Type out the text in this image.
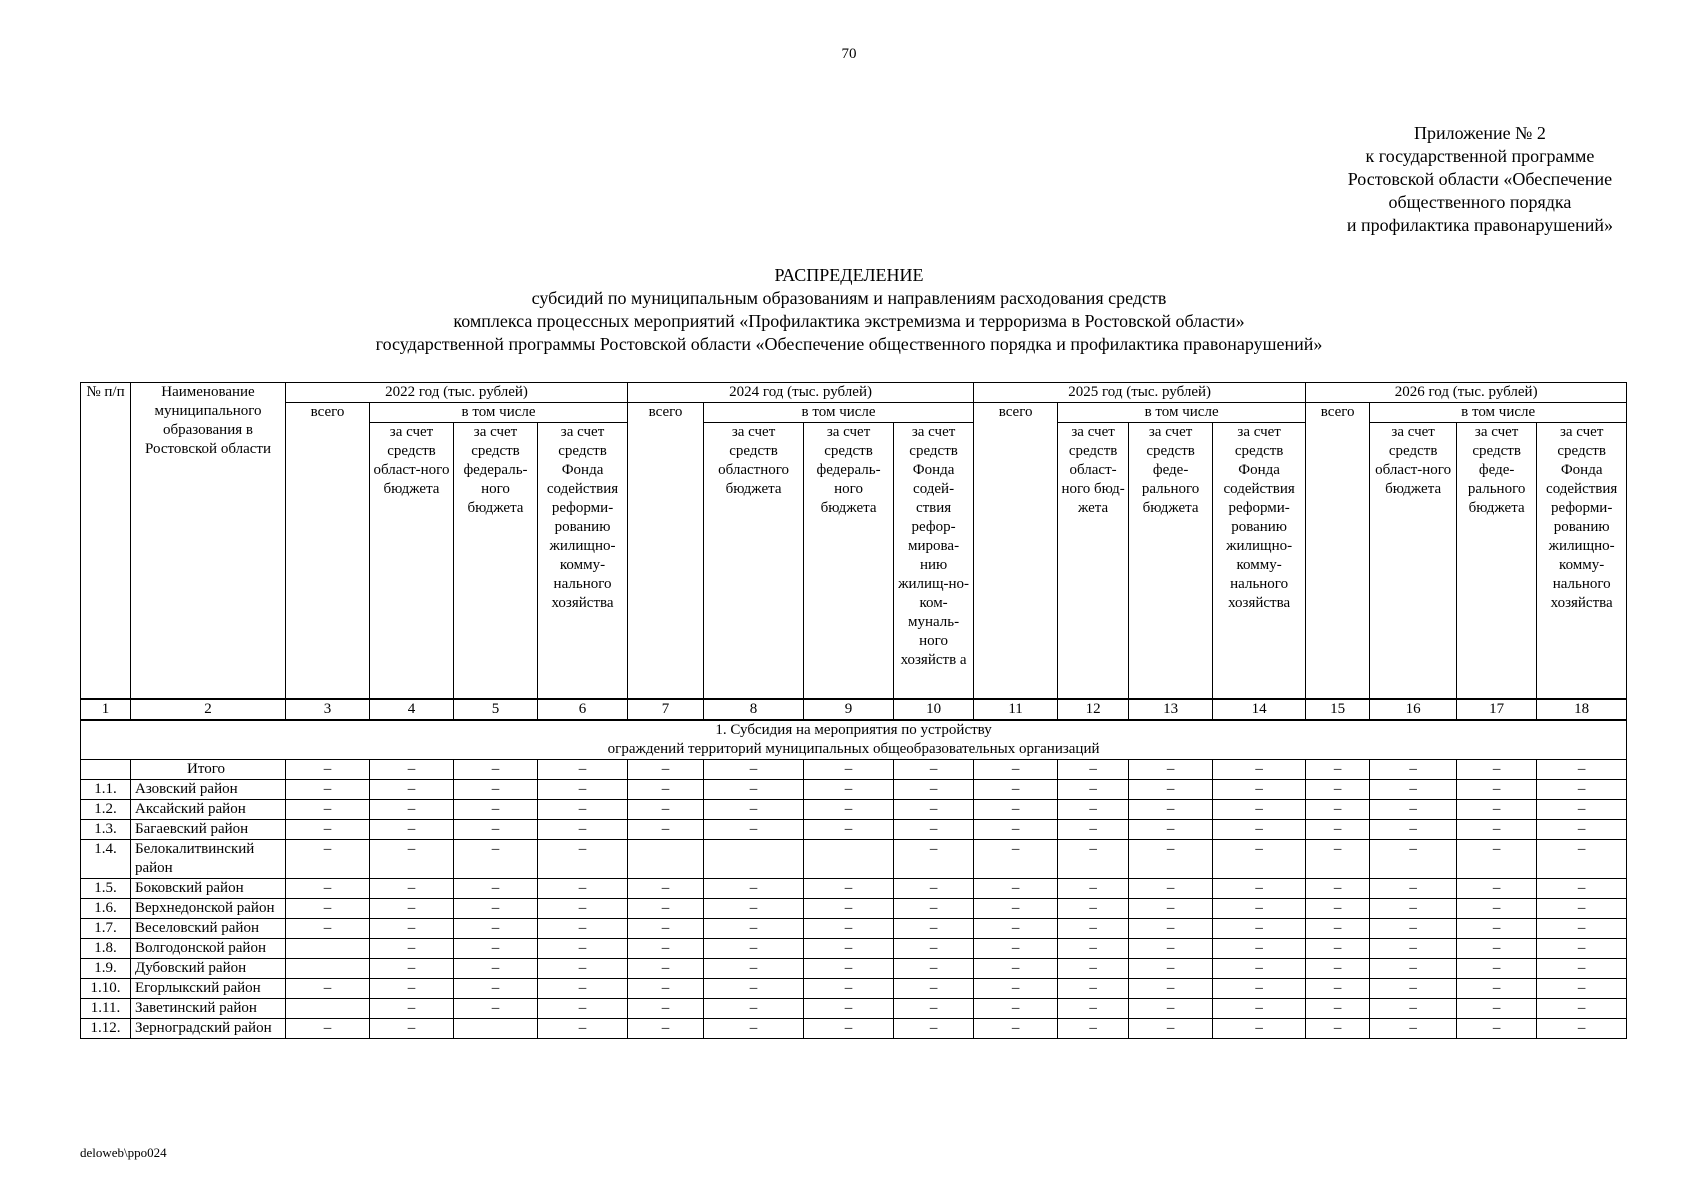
70
Приложение № 2
к государственной программе
Ростовской области «Обеспечение
общественного порядка
и профилактика правонарушений»
РАСПРЕДЕЛЕНИЕ
субсидий по муниципальным образованиям и направлениям расходования средств
комплекса процессных мероприятий «Профилактика экстремизма и терроризма в Ростовской области»
государственной программы Ростовской области «Обеспечение общественного порядка и профилактика правонарушений»
№ п/п	Наименование муниципального образования в Ростовской области	2022 год (тыс. рублей)				2024 год (тыс. рублей)				2025 год (тыс. рублей)				2026 год (тыс. рублей)			
		всего	в том числе			всего	в том числе			всего	в том числе			всего	в том числе		
			за счет средств област-ного бюджета	за счет средств федераль-ного бюджета	за счет средств Фонда содействия реформи-рованию жилищно-комму-нального хозяйства		за счет средств областного бюджета	за счет средств федераль-ного бюджета	за счет средств Фонда содей-ствия рефор-мирова-нию жилищ-но-ком-муналь-ного хозяйств а		за счет средств област-ного бюд-жета	за счет средств феде-рального бюджета	за счет средств Фонда содействия реформи-рованию жилищно-комму-нального хозяйства		за счет средств област-ного бюджета	за счет средств феде-рального бюджета	за счет средств Фонда содействия реформи-рованию жилищно-комму-нального хозяйства
1	2	3	4	5	6	7	8	9	10	11	12	13	14	15	16	17	18

1. Субсидия на мероприятия по устройству
ограждений территорий муниципальных общеобразовательных организаций																	

	Итого	–	–	–	–	–	–	–	–	–	–	–	–	–	–	–	–
1.1.	Азовский район	–	–	–	–	–	–	–	–	–	–	–	–	–	–	–	–
1.2.	Аксайский район	–	–	–	–	–	–	–	–	–	–	–	–	–	–	–	–
1.3.	Багаевский район	–	–	–	–	–	–	–	–	–	–	–	–	–	–	–	–
1.4.	Белокалитвинский район	–	–	–	–				–	–	–	–	–	–	–	–	–
1.5.	Боковский район	–	–	–	–	–	–	–	–	–	–	–	–	–	–	–	–
1.6.	Верхнедонской район	–	–	–	–	–	–	–	–	–	–	–	–	–	–	–	–
1.7.	Веселовский район	–	–	–	–	–	–	–	–	–	–	–	–	–	–	–	–
1.8.	Волгодонской район		–	–	–	–	–	–	–	–	–	–	–	–	–	–	–
1.9.	Дубовский район		–	–	–	–	–	–	–	–	–	–	–	–	–	–	–
1.10.	Егорлыкский район	–	–	–	–	–	–	–	–	–	–	–	–	–	–	–	–
1.11.	Заветинский район		–	–	–	–	–	–	–	–	–	–	–	–	–	–	–
1.12.	Зерноградский район	–	–		–	–	–	–	–	–	–	–	–	–	–	–	–
deloweb\ppo024
